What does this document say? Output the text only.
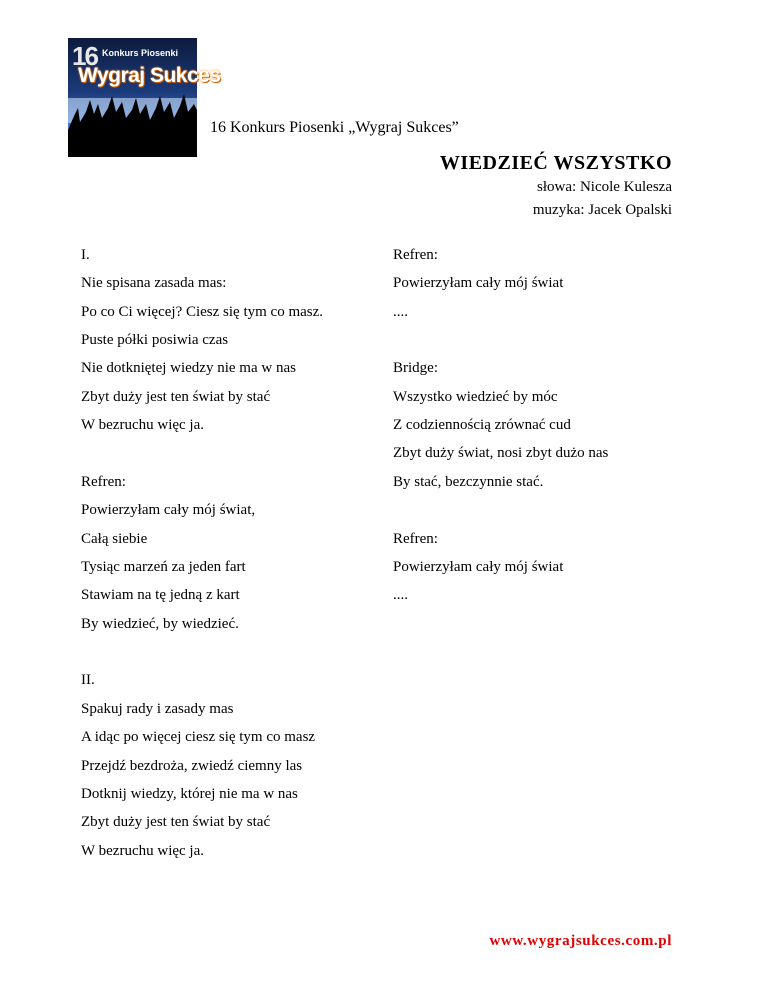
16 Konkurs Piosenki
Wygraj Sukces
16 Konkurs Piosenki „Wygraj Sukces”
WIEDZIEĆ WSZYSTKO
słowa: Nicole Kulesza
muzyka: Jacek Opalski
I.
Nie spisana zasada mas:
Po co Ci więcej? Ciesz się tym co masz.
Puste półki posiwia czas
Nie dotkniętej wiedzy nie ma w nas
Zbyt duży jest ten świat by stać
W bezruchu więc ja.
Refren:
Powierzyłam cały mój świat,
Całą siebie
Tysiąc marzeń za jeden fart
Stawiam na tę jedną z kart
By wiedzieć, by wiedzieć.
II.
Spakuj rady i zasady mas
A idąc po więcej ciesz się tym co masz
Przejdź bezdroża, zwiedź ciemny las
Dotknij wiedzy, której nie ma w nas
Zbyt duży jest ten świat by stać
W bezruchu więc ja.
Refren:
Powierzyłam cały mój świat
....
Bridge:
Wszystko wiedzieć by móc
Z codziennością zrównać cud
Zbyt duży świat, nosi zbyt dużo nas
By stać, bezczynnie stać.
Refren:
Powierzyłam cały mój świat
....
www.wygrajsukces.com.pl
